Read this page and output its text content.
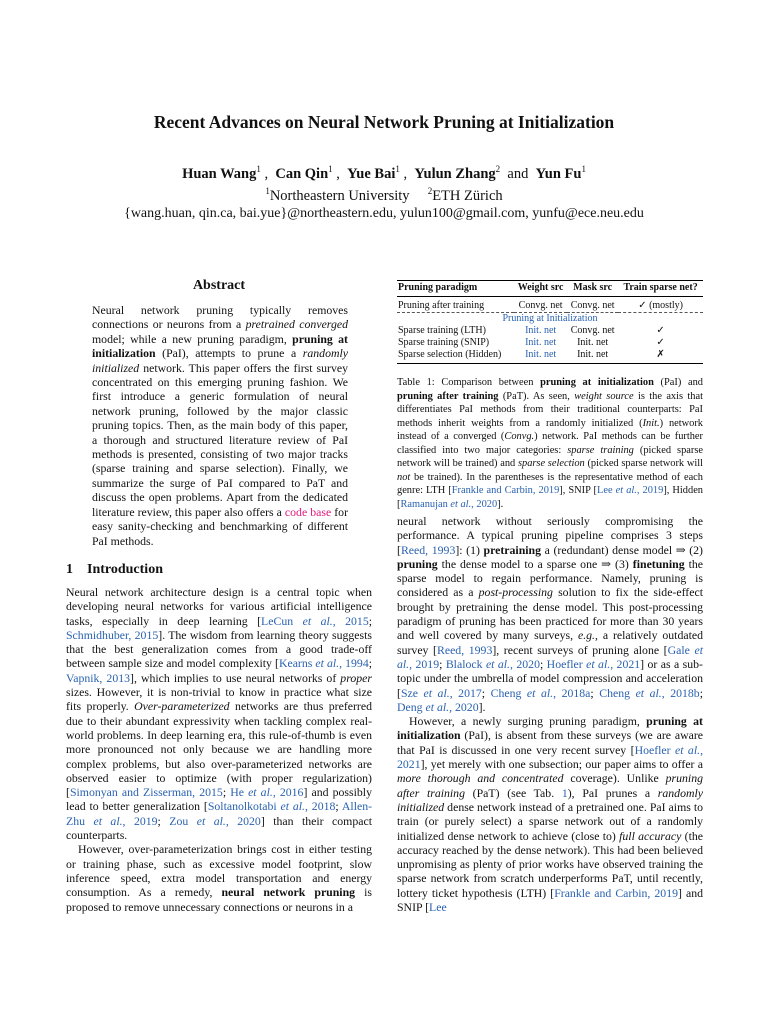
Recent Advances on Neural Network Pruning at Initialization
Huan Wang$^1$ ,  Can Qin$^1$ ,  Yue Bai$^1$ ,  Yulun Zhang$^2$  and  Yun Fu$^1$
$^1$Northeastern University $^2$ETH Zürich
{wang.huan, qin.ca, bai.yue}@northeastern.edu, yulun100@gmail.com, yunfu@ece.neu.edu
Abstract
Neural network pruning typically removes connections or neurons from a pretrained converged model; while a new pruning paradigm, pruning at initialization (PaI), attempts to prune a randomly initialized network. This paper offers the first survey concentrated on this emerging pruning fashion. We first introduce a generic formulation of neural network pruning, followed by the major classic pruning topics. Then, as the main body of this paper, a thorough and structured literature review of PaI methods is presented, consisting of two major tracks (sparse training and sparse selection). Finally, we summarize the surge of PaI compared to PaT and discuss the open problems. Apart from the dedicated literature review, this paper also offers a code base for easy sanity-checking and benchmarking of different PaI methods.
1 Introduction

Neural network architecture design is a central topic when developing neural networks for various artificial intelligence tasks, especially in deep learning [LeCun et al., 2015; Schmidhuber, 2015]. The wisdom from learning theory suggests that the best generalization comes from a good trade-off between sample size and model complexity [Kearns et al., 1994; Vapnik, 2013], which implies to use neural networks of proper sizes. However, it is non-trivial to know in practice what size fits properly. Over-parameterized networks are thus preferred due to their abundant expressivity when tackling complex real-world problems. In deep learning era, this rule-of-thumb is even more pronounced not only because we are handling more complex problems, but also over-parameterized networks are observed easier to optimize (with proper regularization) [Simonyan and Zisserman, 2015; He et al., 2016] and possibly lead to better generalization [Soltanolkotabi et al., 2018; Allen-Zhu et al., 2019; Zou et al., 2020] than their compact counterparts.

However, over-parameterization brings cost in either testing or training phase, such as excessive model footprint, slow inference speed, extra model transportation and energy consumption. As a remedy, neural network pruning is proposed to remove unnecessary connections or neurons in a

Pruning paradigm	Weight src	Mask src	Train sparse net?
Pruning after training	Convg. net	Convg. net	✓ (mostly)
Pruning at Initialization			
Sparse training (LTH)	Init. net	Convg. net	✓
Sparse training (SNIP)	Init. net	Init. net	✓
Sparse selection (Hidden)	Init. net	Init. net	✗
Table 1: Comparison between pruning at initialization (PaI) and pruning after training (PaT). As seen, weight source is the axis that differentiates PaI methods from their traditional counterparts: PaI methods inherit weights from a randomly initialized (Init.) network instead of a converged (Convg.) network. PaI methods can be further classified into two major categories: sparse training (picked sparse network will be trained) and sparse selection (picked sparse network will not be trained). In the parentheses is the representative method of each genre: LTH [Frankle and Carbin, 2019], SNIP [Lee et al., 2019], Hidden [Ramanujan et al., 2020].

neural network without seriously compromising the performance. A typical pruning pipeline comprises 3 steps [Reed, 1993]: (1) pretraining a (redundant) dense model ⇒ (2) pruning the dense model to a sparse one ⇒ (3) finetuning the sparse model to regain performance. Namely, pruning is considered as a post-processing solution to fix the side-effect brought by pretraining the dense model. This post-processing paradigm of pruning has been practiced for more than 30 years and well covered by many surveys, e.g., a relatively outdated survey [Reed, 1993], recent surveys of pruning alone [Gale et al., 2019; Blalock et al., 2020; Hoefler et al., 2021] or as a sub-topic under the umbrella of model compression and acceleration [Sze et al., 2017; Cheng et al., 2018a; Cheng et al., 2018b; Deng et al., 2020].

However, a newly surging pruning paradigm, pruning at initialization (PaI), is absent from these surveys (we are aware that PaI is discussed in one very recent survey [Hoefler et al., 2021], yet merely with one subsection; our paper aims to offer a more thorough and concentrated coverage). Unlike pruning after training (PaT) (see Tab. 1), PaI prunes a randomly initialized dense network instead of a pretrained one. PaI aims to train (or purely select) a sparse network out of a randomly initialized dense network to achieve (close to) full accuracy (the accuracy reached by the dense network). This had been believed unpromising as plenty of prior works have observed training the sparse network from scratch underperforms PaT, until recently, lottery ticket hypothesis (LTH) [Frankle and Carbin, 2019] and SNIP [Lee
